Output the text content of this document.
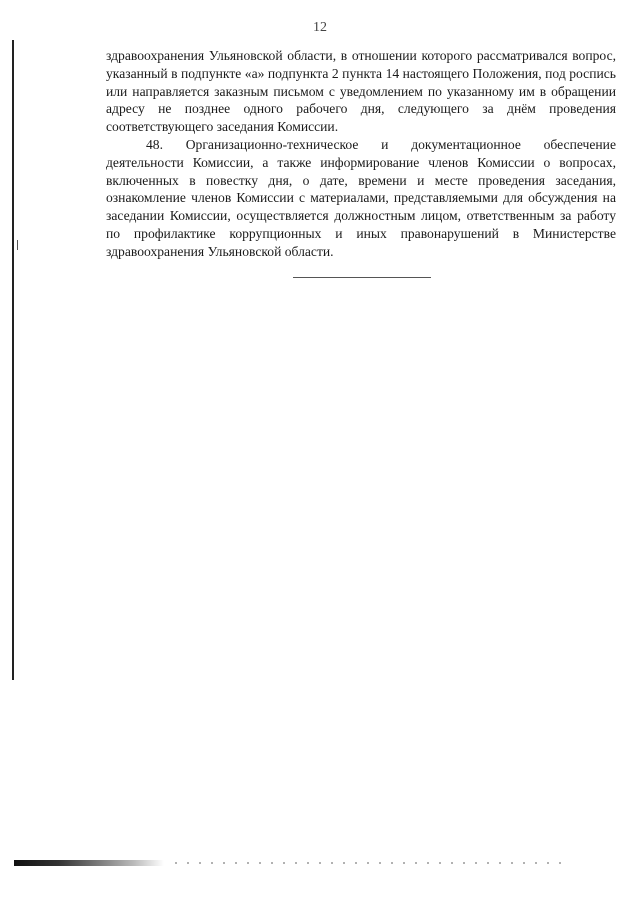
12

здравоохранения Ульяновской области, в отношении которого рассматривался вопрос, указанный в подпункте «а» подпункта 2 пункта 14 настоящего Положения, под роспись или направляется заказным письмом с уведомлением по указанному им в обращении адресу не позднее одного рабочего дня, следующего за днём проведения соответствующего заседания Комиссии.

48. Организационно-техническое и документационное обеспечение деятельности Комиссии, а также информирование членов Комиссии о вопросах, включенных в повестку дня, о дате, времени и месте проведения заседания, ознакомление членов Комиссии с материалами, представляемыми для обсуждения на заседании Комиссии, осуществляется должностным лицом, ответственным за работу по профилактике коррупционных и иных правонарушений в Министерстве здравоохранения Ульяновской области.
